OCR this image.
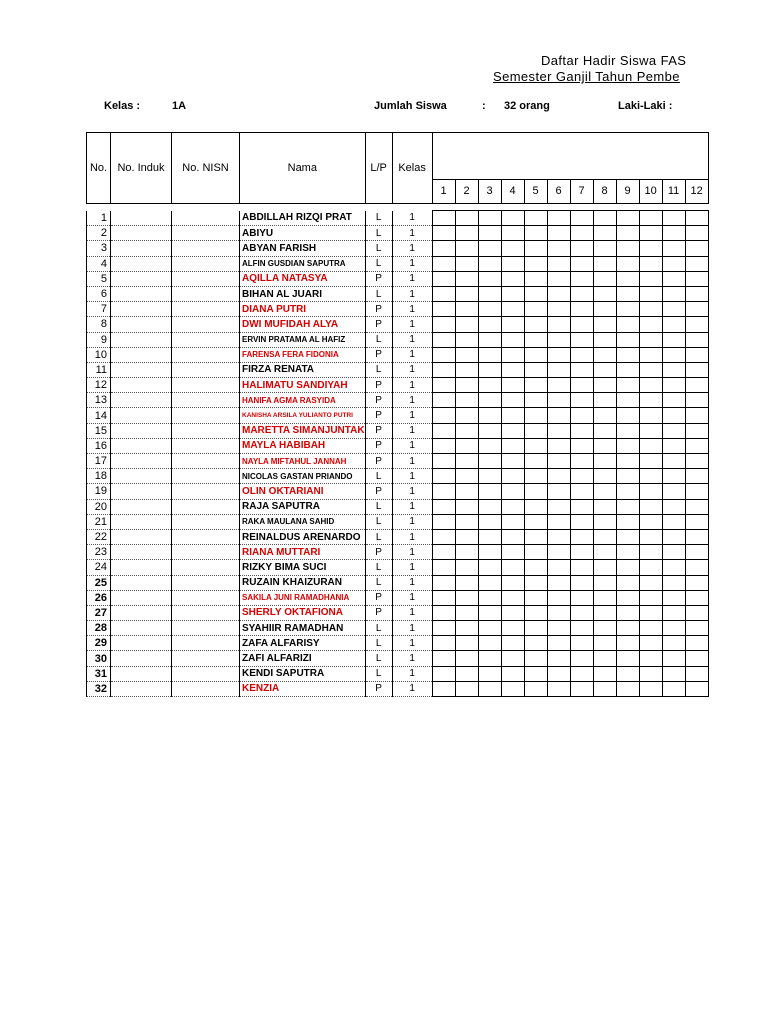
Daftar Hadir Siswa FAS
Semester Ganjil Tahun Pembe
Kelas :	1A	Jumlah Siswa	: 32 orang	Laki-Laki :
No.	No. Induk	No. NISN	Nama	L/P	Kelas												
						1	2	3	4	5	6	7	8	9	10	11	12

1			ABDILLAH RIZQI PRAT	L	1												
2			ABIYU	L	1												
3			ABYAN FARISH	L	1												
4			ALFIN GUSDIAN SAPUTRA	L	1												
5			AQILLA NATASYA	P	1												
6			BIHAN AL JUARI	L	1												
7			DIANA PUTRI	P	1												
8			DWI MUFIDAH ALYA	P	1												
9			ERVIN PRATAMA AL HAFIZ	L	1												
10			FARENSA FERA FIDONIA	P	1												
11			FIRZA RENATA	L	1												
12			HALIMATU SANDIYAH	P	1												
13			HANIFA AGMA RASYIDA	P	1												
14			KANISHA ARSILA YULIANTO PUTRI	P	1												
15			MARETTA SIMANJUNTAK	P	1												
16			MAYLA HABIBAH	P	1												
17			NAYLA MIFTAHUL JANNAH	P	1												
18			NICOLAS GASTAN PRIANDO	L	1												
19			OLIN OKTARIANI	P	1												
20			RAJA SAPUTRA	L	1												
21			RAKA MAULANA SAHID	L	1												
22			REINALDUS ARENARDO	L	1												
23			RIANA MUTTARI	P	1												
24			RIZKY BIMA SUCI	L	1												
25			RUZAIN KHAIZURAN	L	1												
26			SAKILA JUNI RAMADHANIA	P	1												
27			SHERLY OKTAFIONA	P	1												
28			SYAHIIR RAMADHAN	L	1												
29			ZAFA ALFARISY	L	1												
30			ZAFI ALFARIZI	L	1												
31			KENDI SAPUTRA	L	1												
32			KENZIA	P	1												
